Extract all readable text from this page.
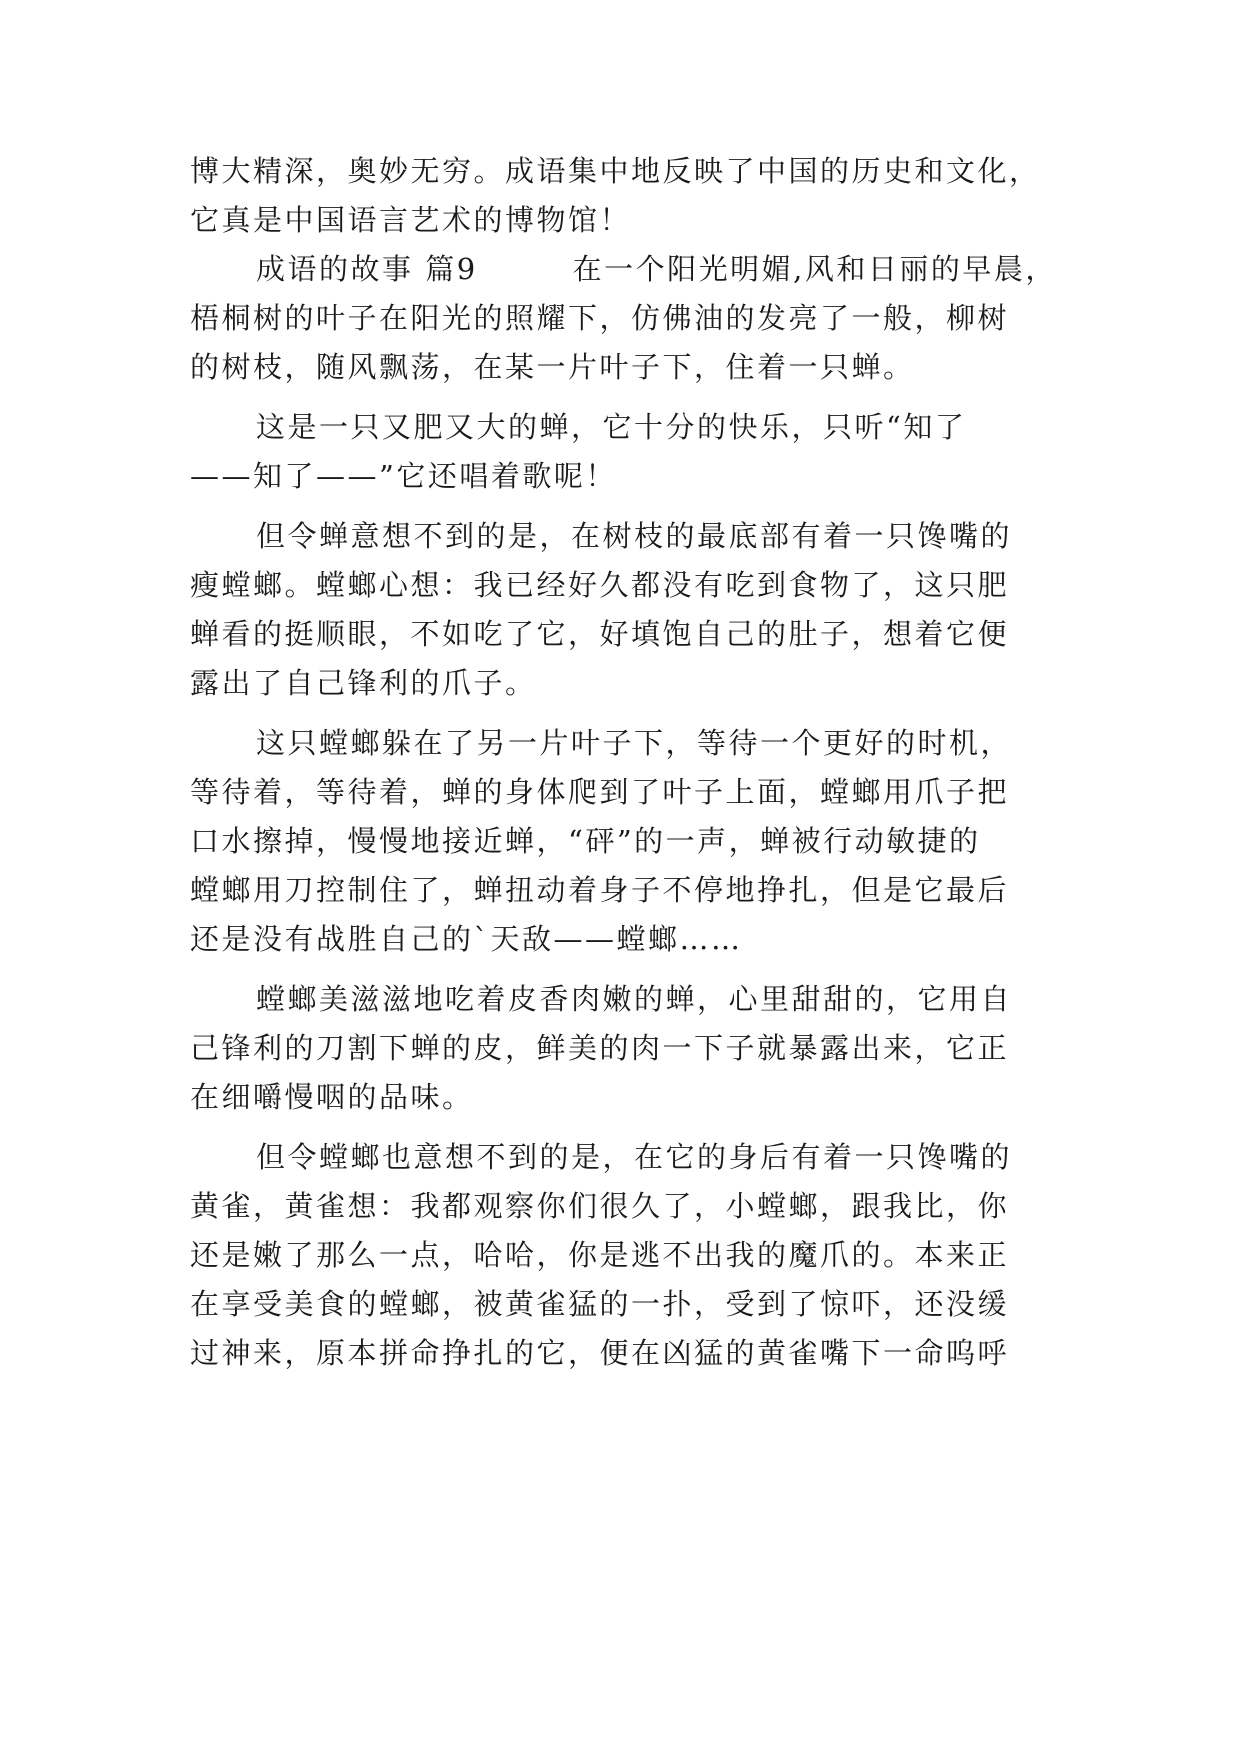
博大精深，奥妙无穷。成语集中地反映了中国的历史和文化，
它真是中国语言艺术的博物馆！
成语的故事 篇9	在一个阳光明媚,风和日丽的早晨，
梧桐树的叶子在阳光的照耀下，仿佛油的发亮了一般，柳树
的树枝，随风飘荡，在某一片叶子下，住着一只蝉。
这是一只又肥又大的蝉，它十分的快乐，只听“知了
——知了——”它还唱着歌呢！
但令蝉意想不到的是，在树枝的最底部有着一只馋嘴的
瘦螳螂。螳螂心想：我已经好久都没有吃到食物了，这只肥
蝉看的挺顺眼，不如吃了它，好填饱自己的肚子，想着它便
露出了自己锋利的爪子。
这只螳螂躲在了另一片叶子下，等待一个更好的时机，
等待着，等待着，蝉的身体爬到了叶子上面，螳螂用爪子把
口水擦掉，慢慢地接近蝉，“砰”的一声，蝉被行动敏捷的
螳螂用刀控制住了，蝉扭动着身子不停地挣扎，但是它最后
还是没有战胜自己的`天敌——螳螂……
螳螂美滋滋地吃着皮香肉嫩的蝉，心里甜甜的，它用自
己锋利的刀割下蝉的皮，鲜美的肉一下子就暴露出来，它正
在细嚼慢咽的品味。
但令螳螂也意想不到的是，在它的身后有着一只馋嘴的
黄雀，黄雀想：我都观察你们很久了，小螳螂，跟我比，你
还是嫩了那么一点，哈哈，你是逃不出我的魔爪的。本来正
在享受美食的螳螂，被黄雀猛的一扑，受到了惊吓，还没缓
过神来，原本拼命挣扎的它，便在凶猛的黄雀嘴下一命呜呼
